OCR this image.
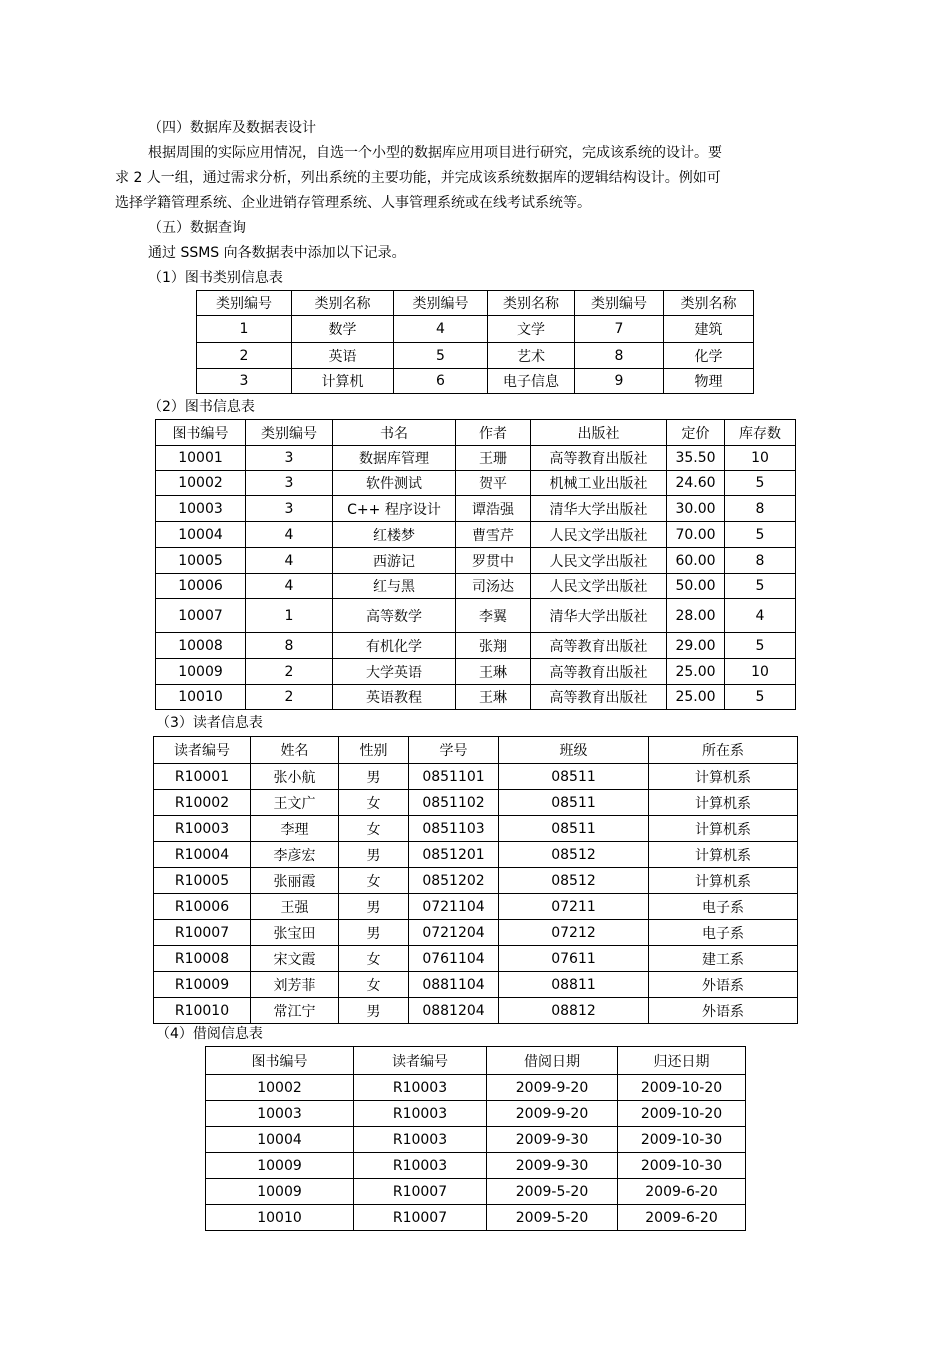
（四）数据库及数据表设计
根据周围的实际应用情况，自选一个小型的数据库应用项目进行研究，完成该系统的设计。要
求 2 人一组，通过需求分析，列出系统的主要功能，并完成该系统数据库的逻辑结构设计。例如可
选择学籍管理系统、企业进销存管理系统、人事管理系统或在线考试系统等。
（五）数据查询
通过 SSMS 向各数据表中添加以下记录。
（1）图书类别信息表
类别编号	类别名称	类别编号	类别名称	类别编号	类别名称
1	数学	4	文学	7	建筑
2	英语	5	艺术	8	化学
3	计算机	6	电子信息	9	物理
（2）图书信息表
图书编号	类别编号	书名	作者	出版社	定价	库存数
10001	3	数据库管理	王珊	高等教育出版社	35.50	10
10002	3	软件测试	贺平	机械工业出版社	24.60	5
10003	3	C++ 程序设计	谭浩强	清华大学出版社	30.00	8
10004	4	红楼梦	曹雪芹	人民文学出版社	70.00	5
10005	4	西游记	罗贯中	人民文学出版社	60.00	8
10006	4	红与黑	司汤达	人民文学出版社	50.00	5
10007	1	高等数学	李翼	清华大学出版社	28.00	4
10008	8	有机化学	张翔	高等教育出版社	29.00	5
10009	2	大学英语	王琳	高等教育出版社	25.00	10
10010	2	英语教程	王琳	高等教育出版社	25.00	5
（3）读者信息表
读者编号	姓名	性别	学号	班级	所在系
R10001	张小航	男	0851101	08511	计算机系
R10002	王文广	女	0851102	08511	计算机系
R10003	李理	女	0851103	08511	计算机系
R10004	李彦宏	男	0851201	08512	计算机系
R10005	张丽霞	女	0851202	08512	计算机系
R10006	王强	男	0721104	07211	电子系
R10007	张宝田	男	0721204	07212	电子系
R10008	宋文霞	女	0761104	07611	建工系
R10009	刘芳菲	女	0881104	08811	外语系
R10010	常江宁	男	0881204	08812	外语系
（4）借阅信息表
图书编号	读者编号	借阅日期	归还日期
10002	R10003	2009-9-20	2009-10-20
10003	R10003	2009-9-20	2009-10-20
10004	R10003	2009-9-30	2009-10-30
10009	R10003	2009-9-30	2009-10-30
10009	R10007	2009-5-20	2009-6-20
10010	R10007	2009-5-20	2009-6-20
